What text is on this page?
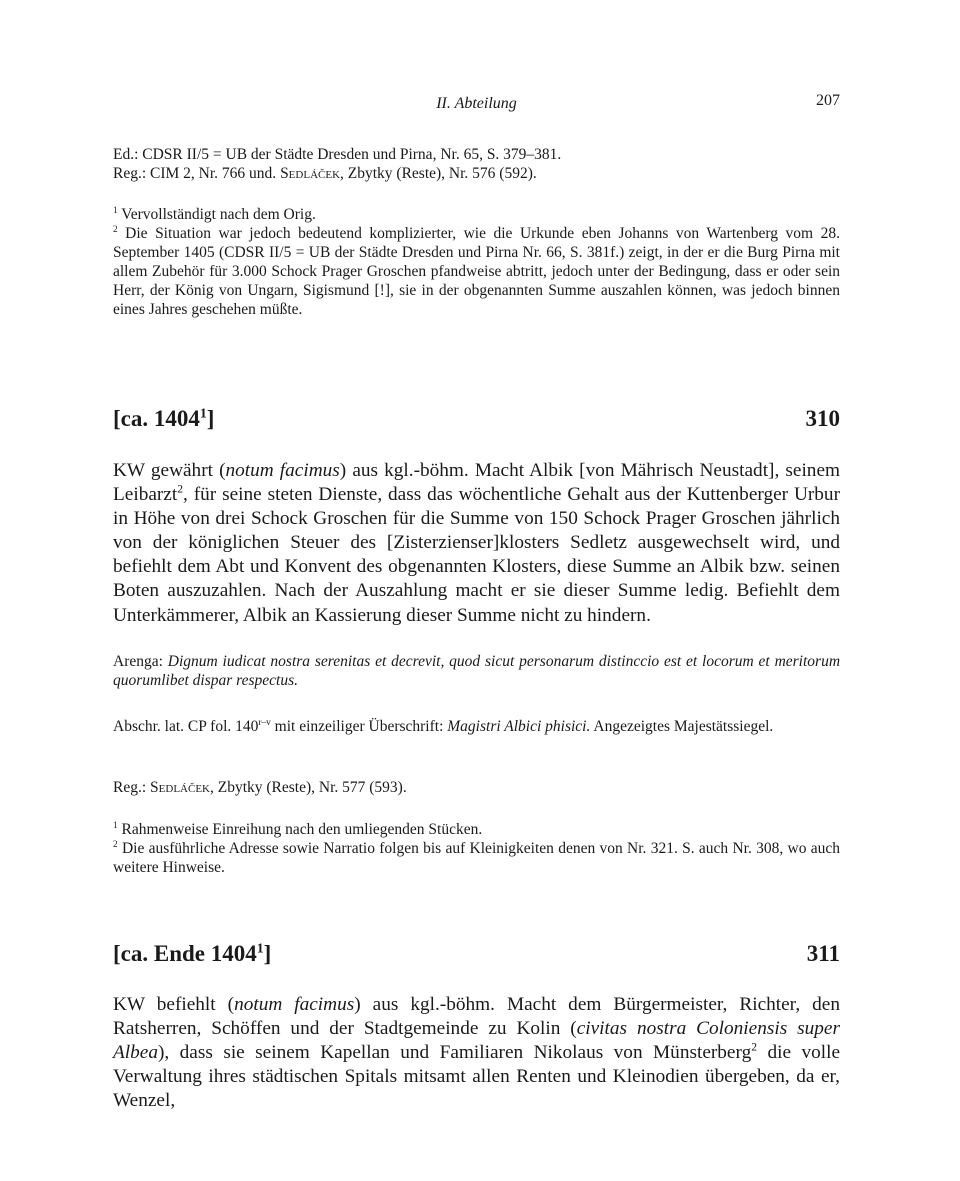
II. Abteilung	207
Ed.: CDSR II/5 = UB der Städte Dresden und Pirna, Nr. 65, S. 379–381.
Reg.: CIM 2, Nr. 766 und. Sedláček, Zbytky (Reste), Nr. 576 (592).

$^1$ Vervollständigt nach dem Orig.

$^2$ Die Situation war jedoch bedeutend komplizierter, wie die Urkunde eben Johanns von Wartenberg vom 28. September 1405 (CDSR II/5 = UB der Städte Dresden und Pirna Nr. 66, S. 381f.) zeigt, in der er die Burg Pirna mit allem Zubehör für 3.000 Schock Prager Groschen pfandweise abtritt, jedoch unter der Bedingung, dass er oder sein Herr, der König von Ungarn, Sigismund [!], sie in der obgenannten Summe auszahlen können, was jedoch binnen eines Jahres geschehen müßte.

[ca. 1404$^1$]	310
KW gewährt (notum facimus) aus kgl.-böhm. Macht Albik [von Mährisch Neustadt], seinem Leibarzt$^2$, für seine steten Dienste, dass das wöchentliche Gehalt aus der Kuttenberger Urbur in Höhe von drei Schock Groschen für die Summe von 150 Schock Prager Groschen jährlich von der königlichen Steuer des [Zisterzienser]klosters Sedletz ausgewechselt wird, und befiehlt dem Abt und Konvent des obgenannten Klosters, diese Summe an Albik bzw. seinen Boten auszuzahlen. Nach der Auszahlung macht er sie dieser Summe ledig. Befiehlt dem Unterkämmerer, Albik an Kassierung dieser Summe nicht zu hindern.
Arenga: Dignum iudicat nostra serenitas et decrevit, quod sicut personarum distinccio est et locorum et meritorum quorumlibet dispar respectus.
Abschr. lat. CP fol. 140$^{r-v}$ mit einzeiliger Überschrift: Magistri Albici phisici. Angezeigtes Majestätssiegel.
Reg.: Sedláček, Zbytky (Reste), Nr. 577 (593).

$^1$ Rahmenweise Einreihung nach den umliegenden Stücken.

$^2$ Die ausführliche Adresse sowie Narratio folgen bis auf Kleinigkeiten denen von Nr. 321. S. auch Nr. 308, wo auch weitere Hinweise.

[ca. Ende 1404$^1$]	311
KW befiehlt (notum facimus) aus kgl.-böhm. Macht dem Bürgermeister, Richter, den Ratsherren, Schöffen und der Stadtgemeinde zu Kolin (civitas nostra Coloniensis super Albea), dass sie seinem Kapellan und Familiaren Nikolaus von Münsterberg$^2$ die volle Verwaltung ihres städtischen Spitals mitsamt allen Renten und Kleinodien übergeben, da er, Wenzel,
